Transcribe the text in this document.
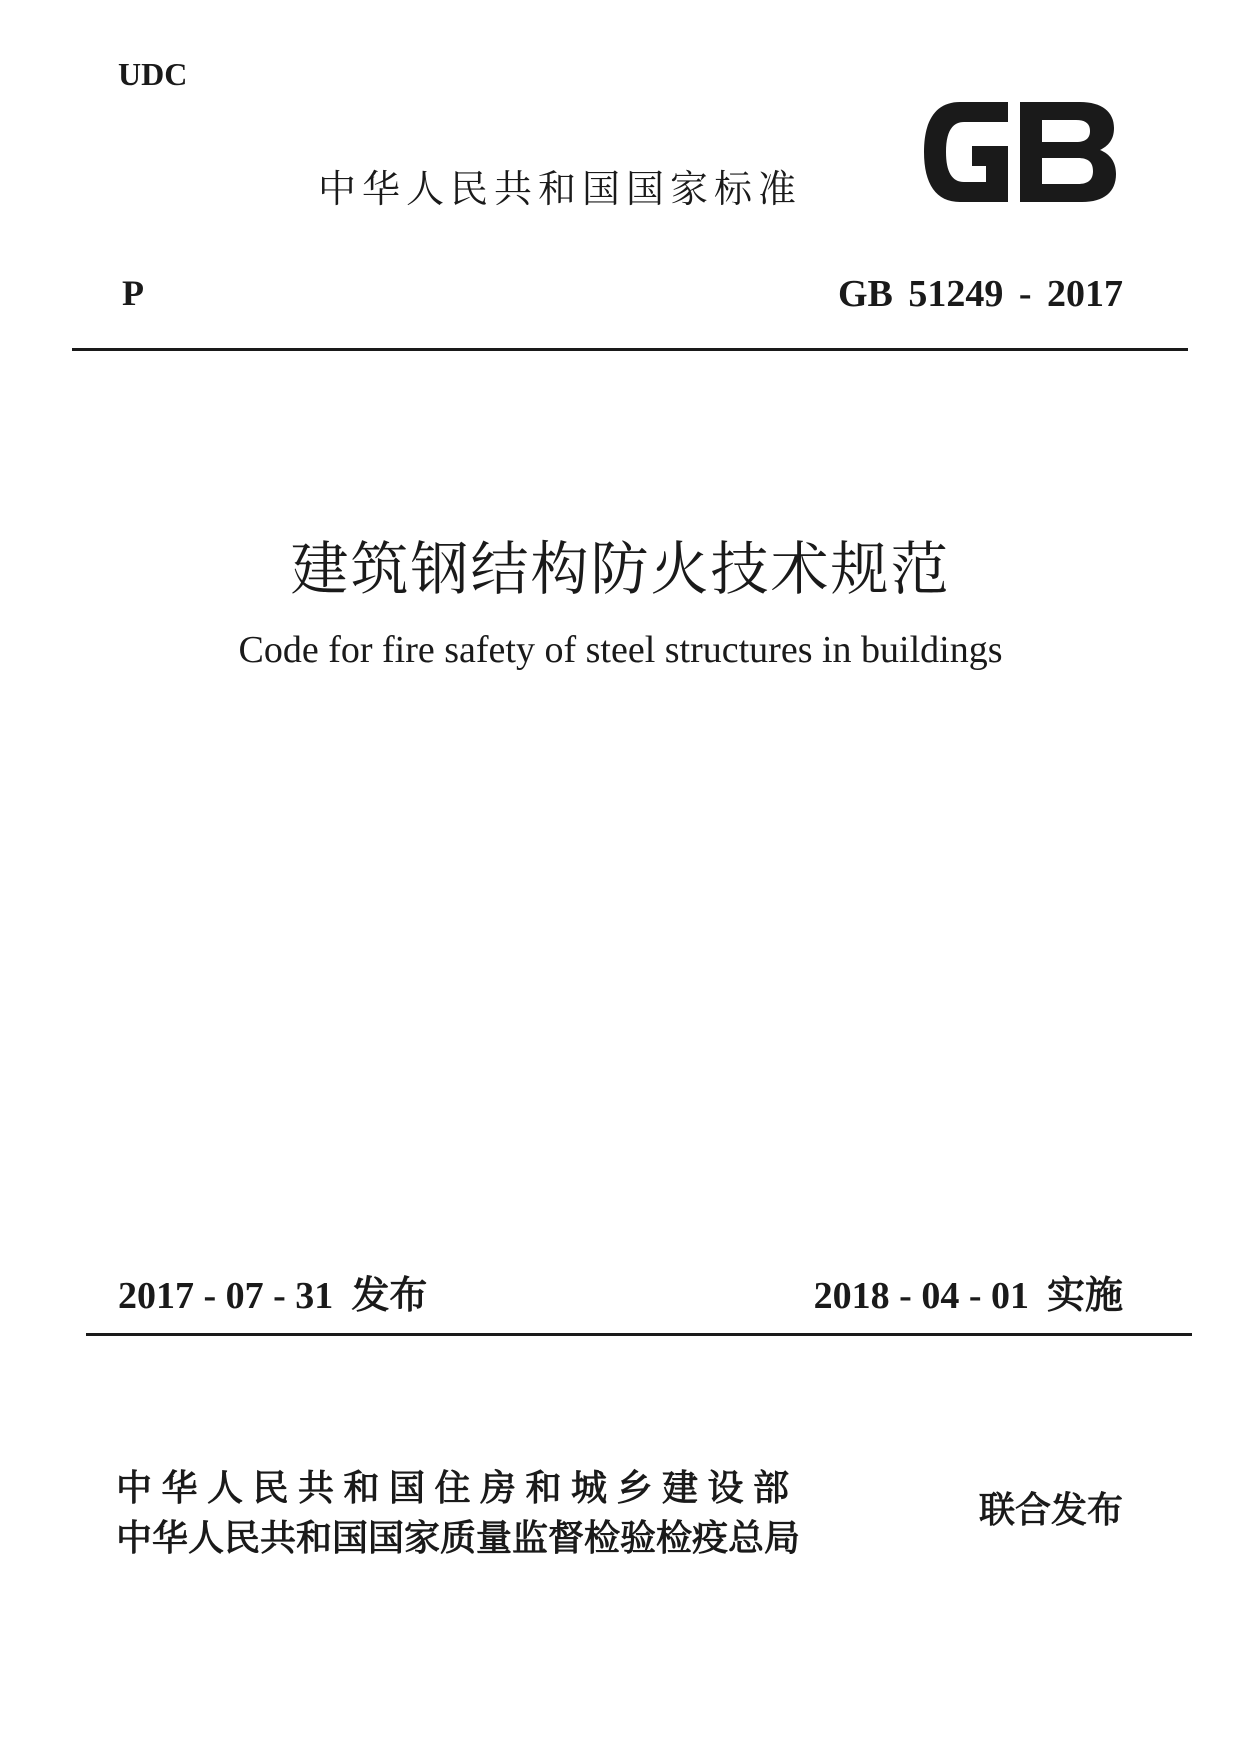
UDC
中华人民共和国国家标准
P	GB 51249 - 2017
建筑钢结构防火技术规范
Code for fire safety of steel structures in buildings
2017 - 07 - 31 发布	2018 - 04 - 01 实施
中华人民共和国住房和城乡建设部
中华人民共和国国家质量监督检验检疫总局
联合发布
